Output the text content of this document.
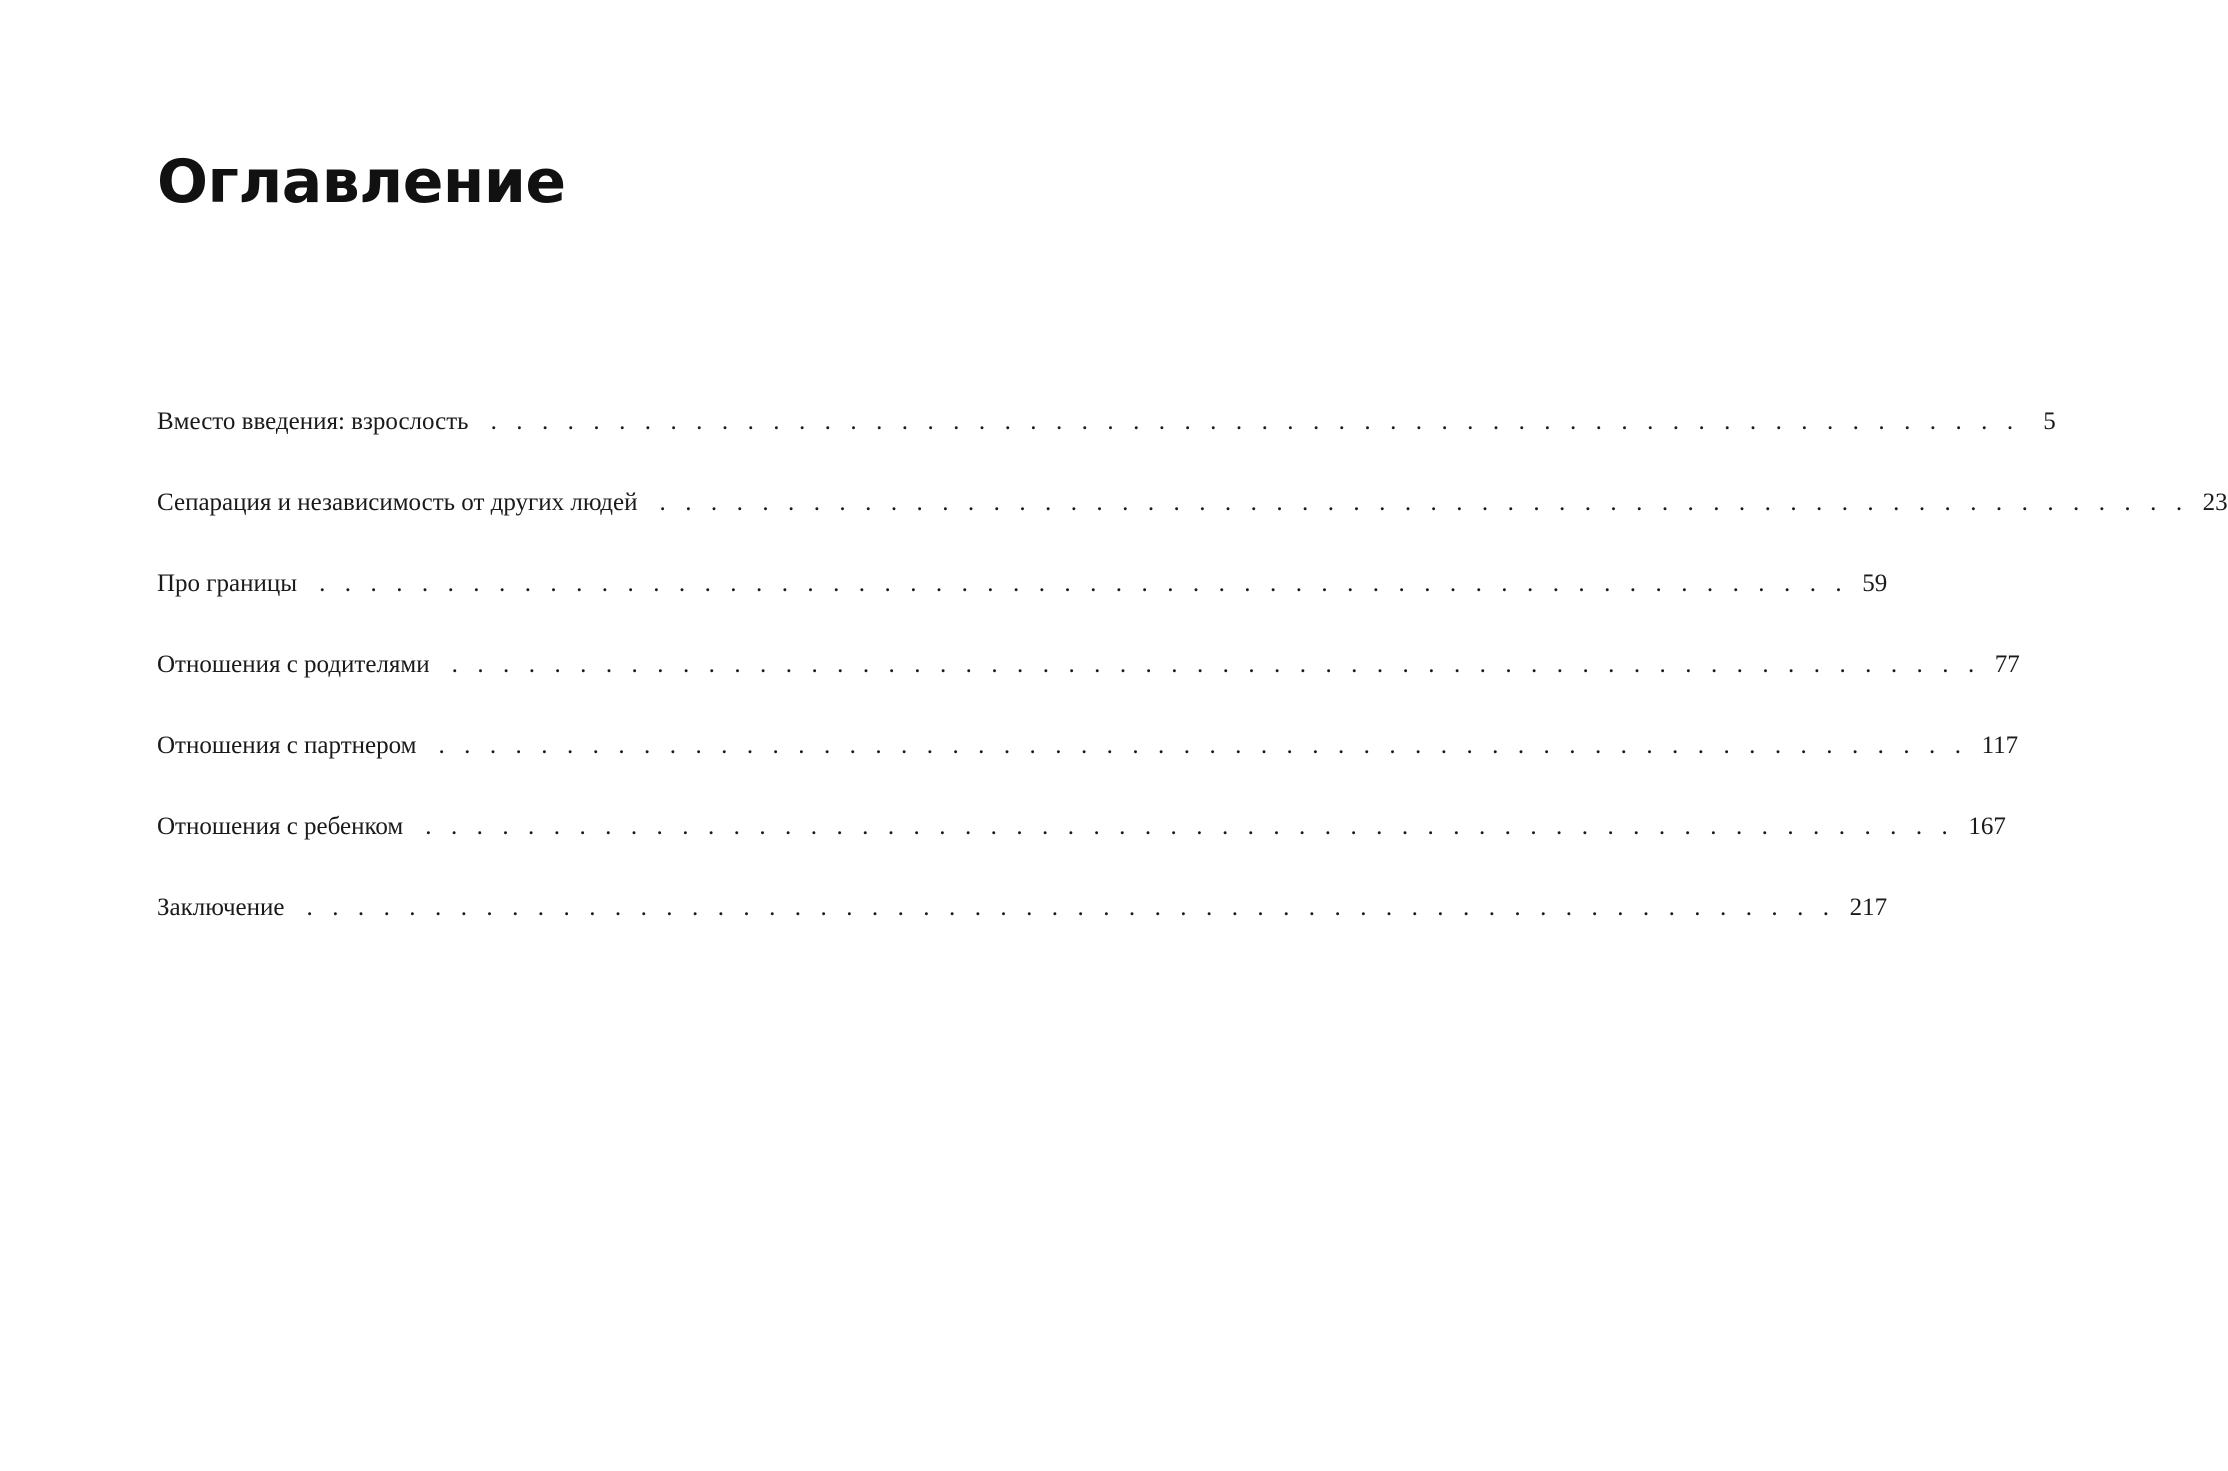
Оглавление
Вместо введения: взрослость . . . . . . . . . . . . . . . . . . . . . . . . . . . . . . . . . . . . . . . . . . . . . . . . . . . . . . . . . . . . 5
Сепарация и независимость от других людей . . . . . . . . . . . . . . . . . . . . . . . . . . . . . . . . . . . . . . . . . . . . . . . . . . . . . . . . . . . . 23
Про границы . . . . . . . . . . . . . . . . . . . . . . . . . . . . . . . . . . . . . . . . . . . . . . . . . . . . . . . . . . . . 59
Отношения с родителями . . . . . . . . . . . . . . . . . . . . . . . . . . . . . . . . . . . . . . . . . . . . . . . . . . . . . . . . . . . . 77
Отношения с партнером . . . . . . . . . . . . . . . . . . . . . . . . . . . . . . . . . . . . . . . . . . . . . . . . . . . . . . . . . . . . 117
Отношения с ребенком . . . . . . . . . . . . . . . . . . . . . . . . . . . . . . . . . . . . . . . . . . . . . . . . . . . . . . . . . . . . 167
Заключение . . . . . . . . . . . . . . . . . . . . . . . . . . . . . . . . . . . . . . . . . . . . . . . . . . . . . . . . . . . . 217
